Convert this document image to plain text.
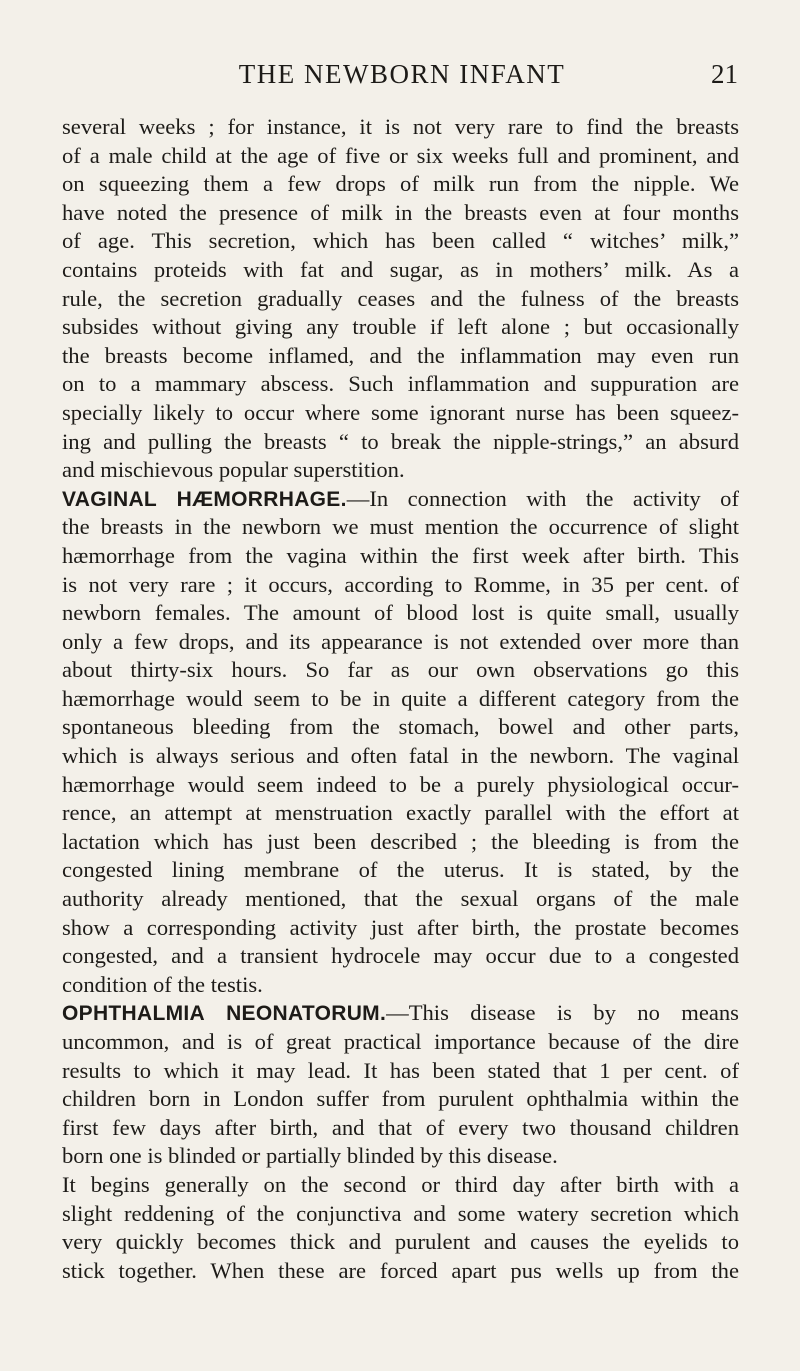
THE NEWBORN INFANT	21
several weeks ; for instance, it is not very rare to find the breasts
of a male child at the age of five or six weeks full and prominent, and
on squeezing them a few drops of milk run from the nipple. We
have noted the presence of milk in the breasts even at four months
of age. This secretion, which has been called “ witches’ milk,”
contains proteids with fat and sugar, as in mothers’ milk. As a
rule, the secretion gradually ceases and the fulness of the breasts
subsides without giving any trouble if left alone ; but occasionally
the breasts become inflamed, and the inflammation may even run
on to a mammary abscess. Such inflammation and suppuration are
specially likely to occur where some ignorant nurse has been squeez-
ing and pulling the breasts “ to break the nipple-strings,” an absurd
and mischievous popular superstition.
VAGINAL HÆMORRHAGE.—In connection with the activity of
the breasts in the newborn we must mention the occurrence of slight
hæmorrhage from the vagina within the first week after birth. This
is not very rare ; it occurs, according to Romme, in 35 per cent. of
newborn females. The amount of blood lost is quite small, usually
only a few drops, and its appearance is not extended over more than
about thirty-six hours. So far as our own observations go this
hæmorrhage would seem to be in quite a different category from the
spontaneous bleeding from the stomach, bowel and other parts,
which is always serious and often fatal in the newborn. The vaginal
hæmorrhage would seem indeed to be a purely physiological occur-
rence, an attempt at menstruation exactly parallel with the effort at
lactation which has just been described ; the bleeding is from the
congested lining membrane of the uterus. It is stated, by the
authority already mentioned, that the sexual organs of the male
show a corresponding activity just after birth, the prostate becomes
congested, and a transient hydrocele may occur due to a congested
condition of the testis.
OPHTHALMIA NEONATORUM.—This disease is by no means
uncommon, and is of great practical importance because of the dire
results to which it may lead. It has been stated that 1 per cent. of
children born in London suffer from purulent ophthalmia within the
first few days after birth, and that of every two thousand children
born one is blinded or partially blinded by this disease.
It begins generally on the second or third day after birth with a
slight reddening of the conjunctiva and some watery secretion which
very quickly becomes thick and purulent and causes the eyelids to
stick together. When these are forced apart pus wells up from the
